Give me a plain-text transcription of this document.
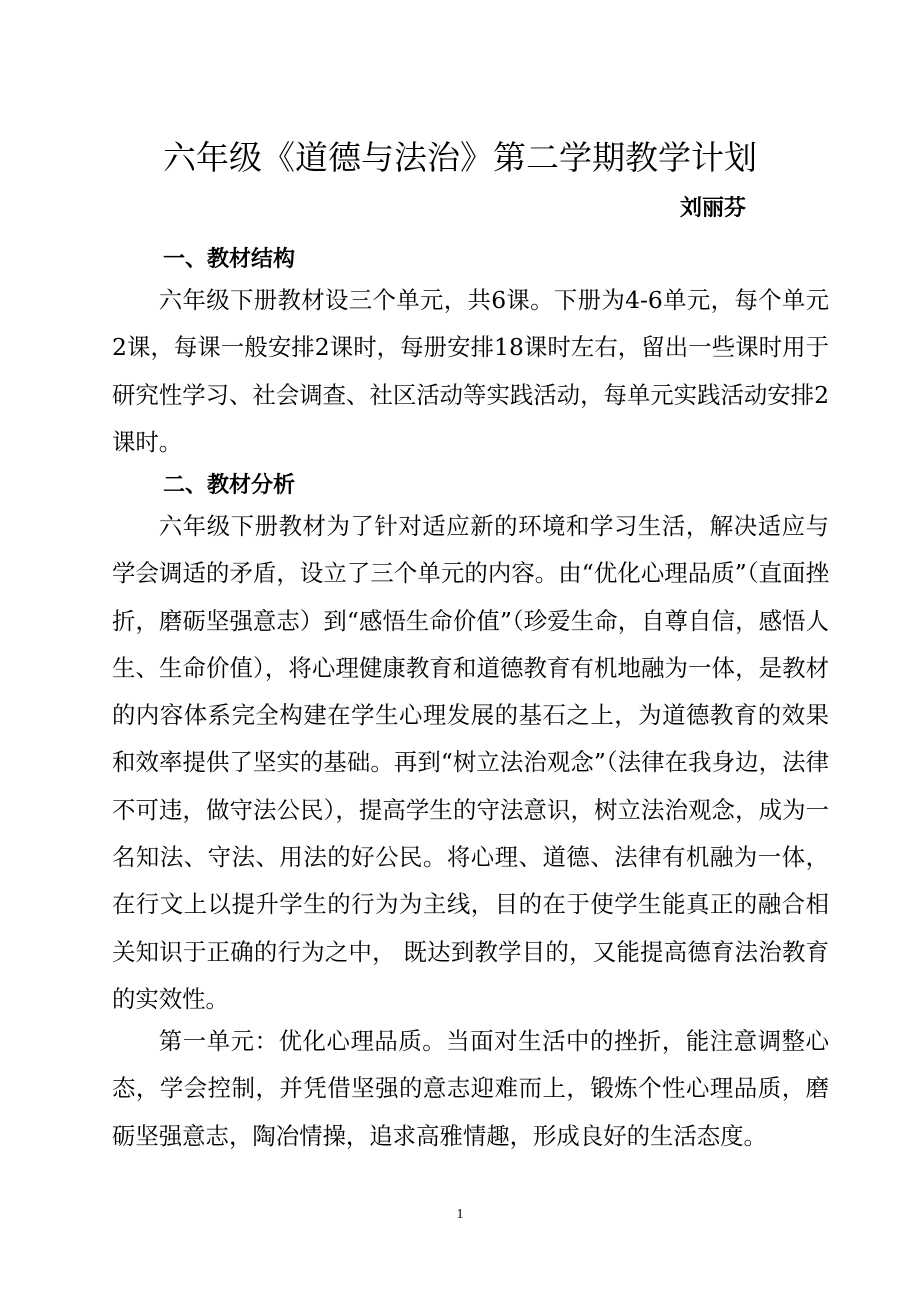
六年级《道德与法治》第二学期教学计划
刘丽芬
一、教材结构
六年级下册教材设三个单元，共6课。下册为4-6单元，每个单元2课，每课一般安排2课时，每册安排18课时左右，留出一些课时用于研究性学习、社会调查、社区活动等实践活动，每单元实践活动安排2课时。
二、教材分析
六年级下册教材为了针对适应新的环境和学习生活，解决适应与学会调适的矛盾，设立了三个单元的内容。由“优化心理品质”（直面挫折，磨砺坚强意志）到“感悟生命价值”（珍爱生命，自尊自信，感悟人生、生命价值），将心理健康教育和道德教育有机地融为一体，是教材的内容体系完全构建在学生心理发展的基石之上，为道德教育的效果和效率提供了坚实的基础。再到“树立法治观念”（法律在我身边，法律不可违，做守法公民），提高学生的守法意识，树立法治观念，成为一名知法、守法、用法的好公民。将心理、道德、法律有机融为一体，在行文上以提升学生的行为为主线，目的在于使学生能真正的融合相关知识于正确的行为之中， 既达到教学目的，又能提高德育法治教育的实效性。
第一单元：优化心理品质。当面对生活中的挫折，能注意调整心态，学会控制，并凭借坚强的意志迎难而上，锻炼个性心理品质，磨砺坚强意志，陶冶情操，追求高雅情趣，形成良好的生活态度。
1
